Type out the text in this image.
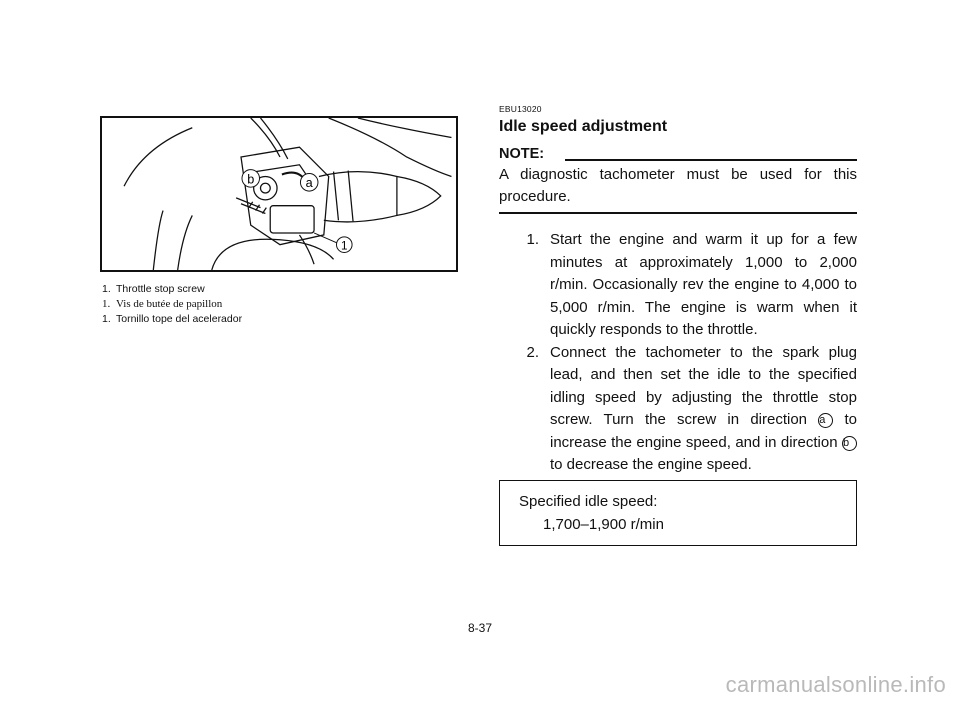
b	a
1
1. Throttle stop screw
1. Vis de butée de papillon
1. Tornillo tope del acelerador
EBU13020
Idle speed adjustment
NOTE:
A diagnostic tachometer must be used for this procedure.
1. Start the engine and warm it up for a few minutes at approximately 1,000 to 2,000 r/min. Occasionally rev the engine to 4,000 to 5,000 r/min. The engine is warm when it quickly responds to the throttle.
2. Connect the tachometer to the spark plug lead, and then set the idle to the specified idling speed by adjusting the throttle stop screw. Turn the screw in direction a to increase the engine speed, and in direction b to decrease the engine speed.
Specified idle speed:
1,700–1,900 r/min
8-37
carmanualsonline.info
